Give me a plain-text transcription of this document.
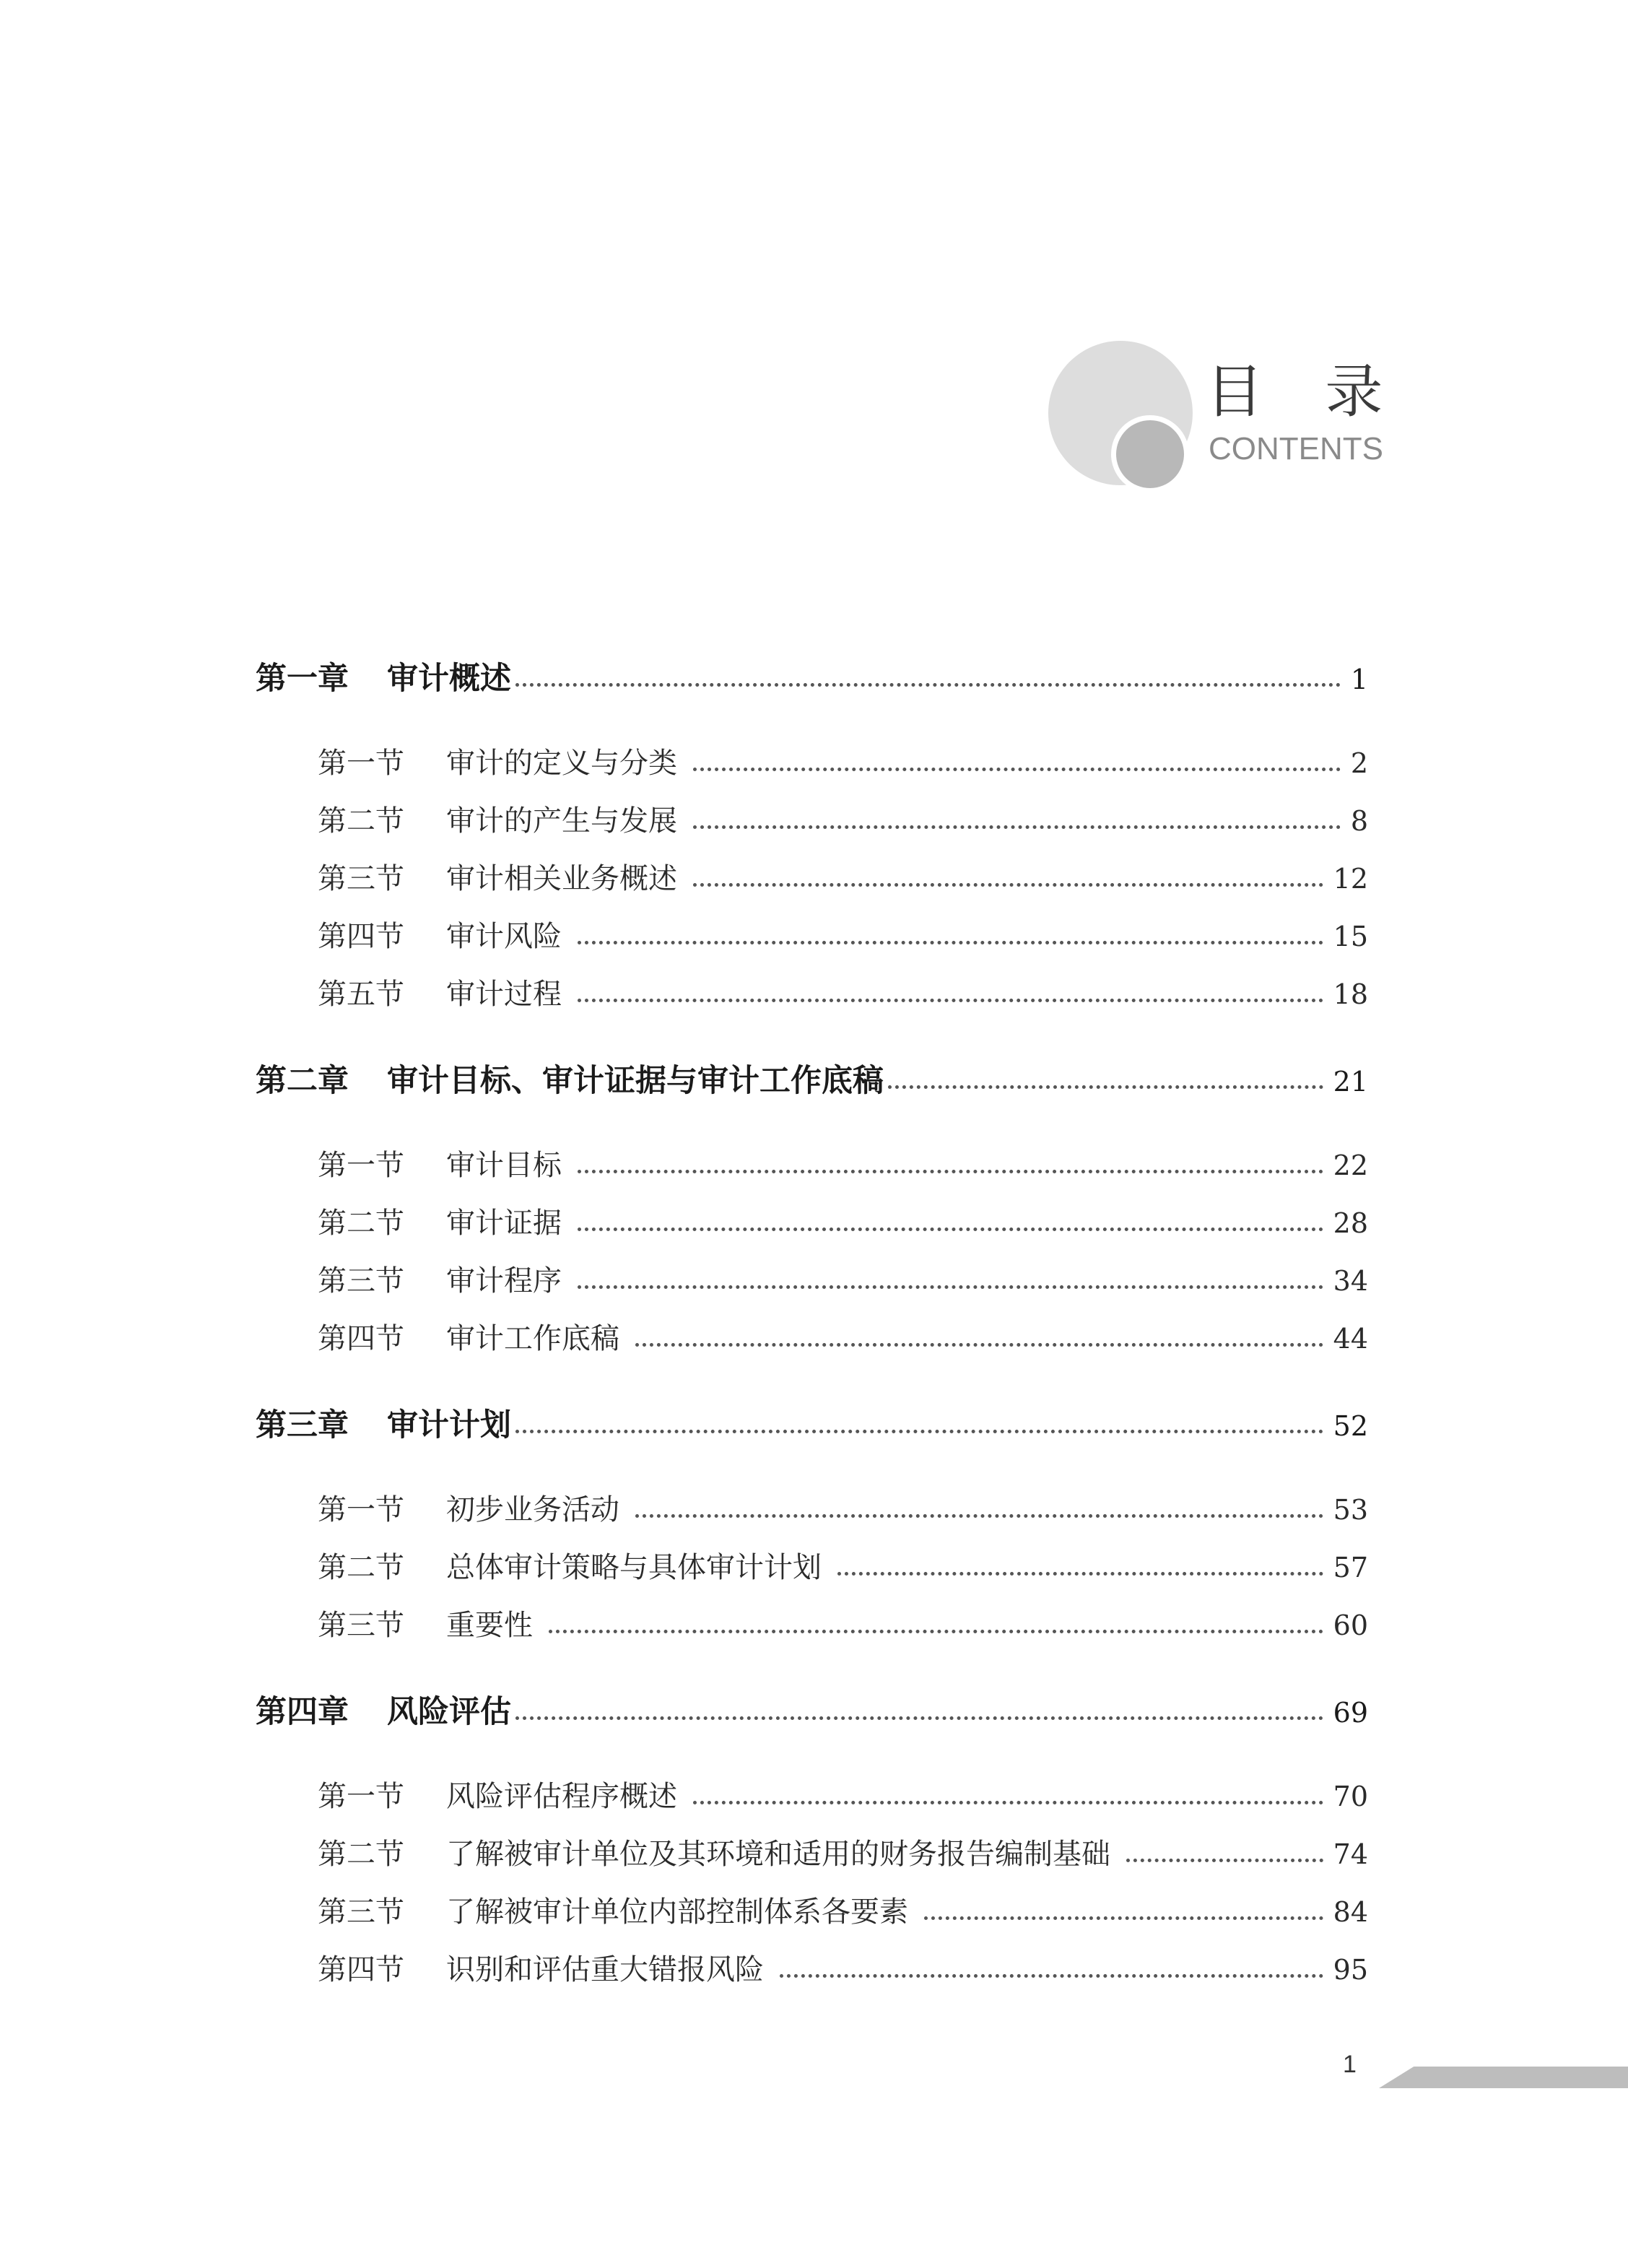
目 录
CONTENTS
第一章	审计概述	1
第一节	审计的定义与分类	2
第二节	审计的产生与发展	8
第三节	审计相关业务概述	12
第四节	审计风险	15
第五节	审计过程	18
第二章	审计目标、审计证据与审计工作底稿	21
第一节	审计目标	22
第二节	审计证据	28
第三节	审计程序	34
第四节	审计工作底稿	44
第三章	审计计划	52
第一节	初步业务活动	53
第二节	总体审计策略与具体审计计划	57
第三节	重要性	60
第四章	风险评估	69
第一节	风险评估程序概述	70
第二节	了解被审计单位及其环境和适用的财务报告编制基础	74
第三节	了解被审计单位内部控制体系各要素	84
第四节	识别和评估重大错报风险	95
1
